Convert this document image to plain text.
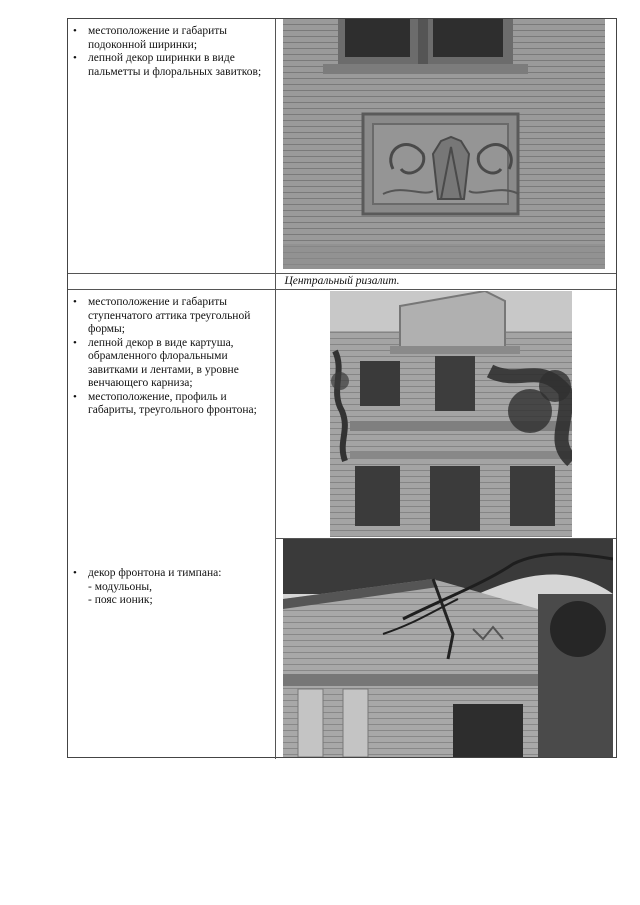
• местоположение и габариты подоконной ширинки;
• лепной декор ширинки в виде пальметты и флоральных завитков;
Центральный ризалит.
• местоположение и габариты ступенчатого аттика треугольной формы;
• лепной декор в виде картуша, обрамленного флоральными завитками и лентами, в уровне венчающего карниза;
• местоположение, профиль и габариты, треугольного фронтона;
• декор фронтона и тимпана:
- модульоны,
- пояс ионик;
